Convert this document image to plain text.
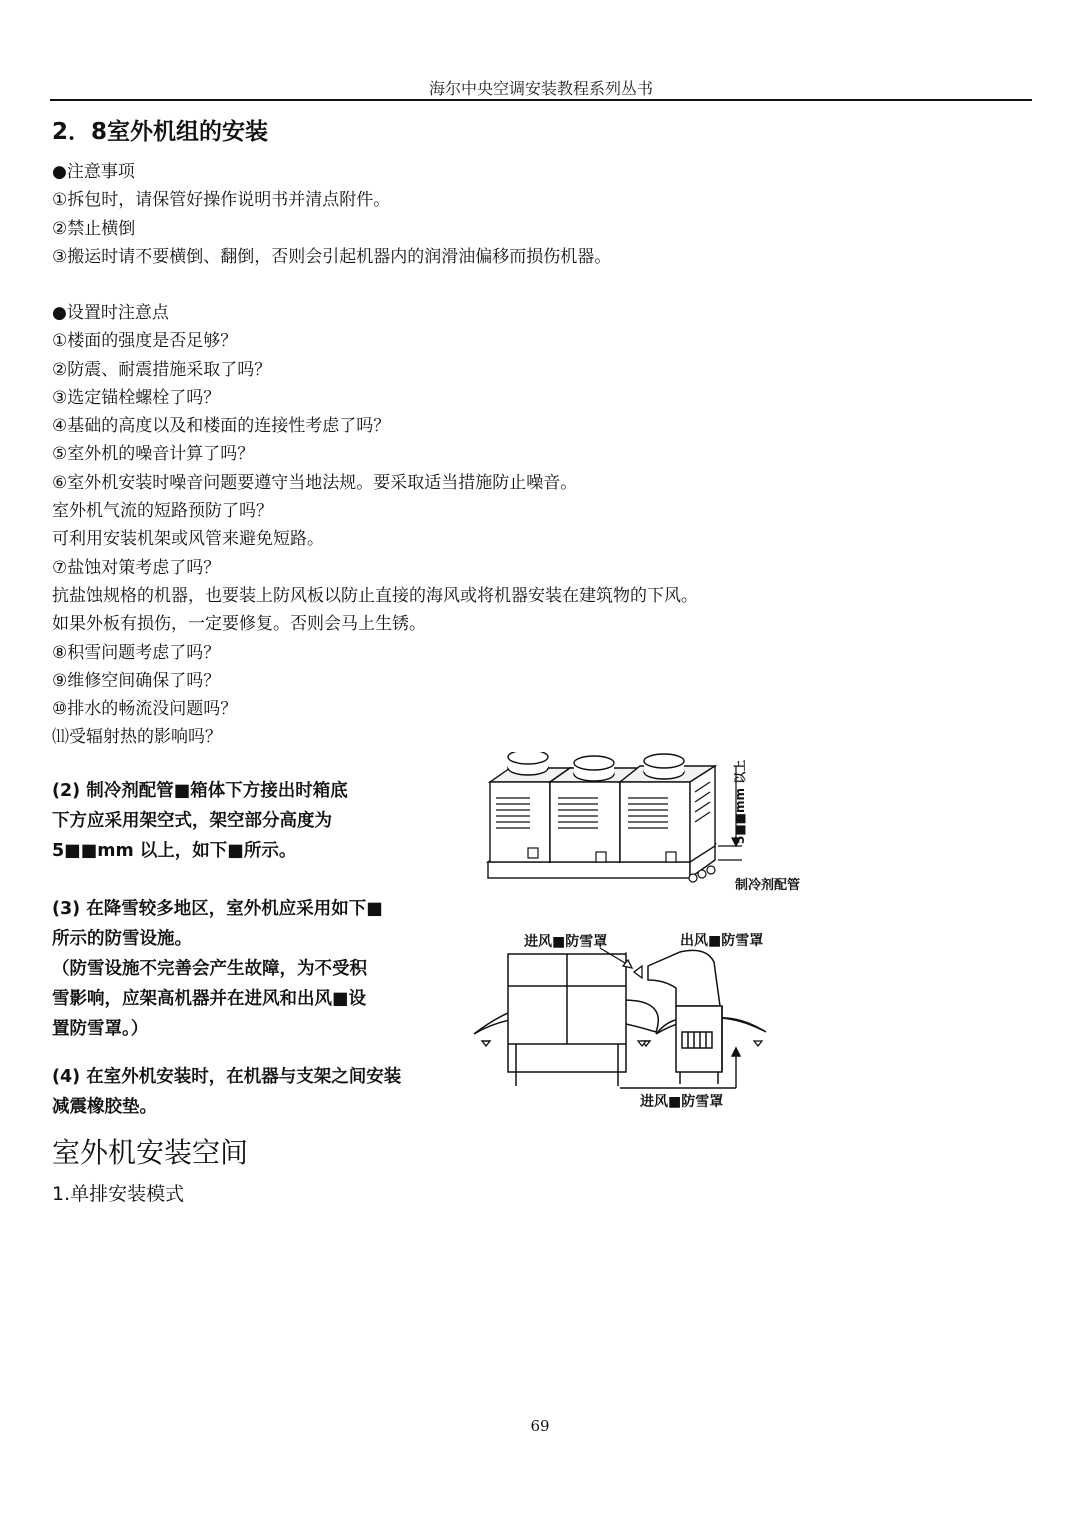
海尔中央空调安装教程系列丛书
2．8室外机组的安装
●注意事项
①拆包时，请保管好操作说明书并清点附件。
②禁止横倒
③搬运时请不要横倒、翻倒，否则会引起机器内的润滑油偏移而损伤机器。
●设置时注意点
①楼面的强度是否足够？
②防震、耐震措施采取了吗？
③选定锚栓螺栓了吗？
④基础的高度以及和楼面的连接性考虑了吗？
⑤室外机的噪音计算了吗？
⑥室外机安装时噪音问题要遵守当地法规。要采取适当措施防止噪音。
室外机气流的短路预防了吗？
可利用安装机架或风管来避免短路。
⑦盐蚀对策考虑了吗？
抗盐蚀规格的机器，也要装上防风板以防止直接的海风或将机器安装在建筑物的下风。
如果外板有损伤，一定要修复。否则会马上生锈。
⑧积雪问题考虑了吗？
⑨维修空间确保了吗？
⑩排水的畅流没问题吗？
⑾受辐射热的影响吗？
(2) 制冷剂配管■箱体下方接出时箱底
下方应采用架空式，架空部分高度为
5■■mm 以上，如下■所示。
(3) 在降雪较多地区，室外机应采用如下■
所示的防雪设施。
（防雪设施不完善会产生故障，为不受积
雪影响，应架高机器并在进风和出风■设
置防雪罩。）
(4) 在室外机安装时，在机器与支架之间安装
减震橡胶垫。
5■■mm 以上
制冷剂配管
进风■防雪罩	出风■防雪罩
进风■防雪罩
室外机安装空间
1.单排安装模式
69
